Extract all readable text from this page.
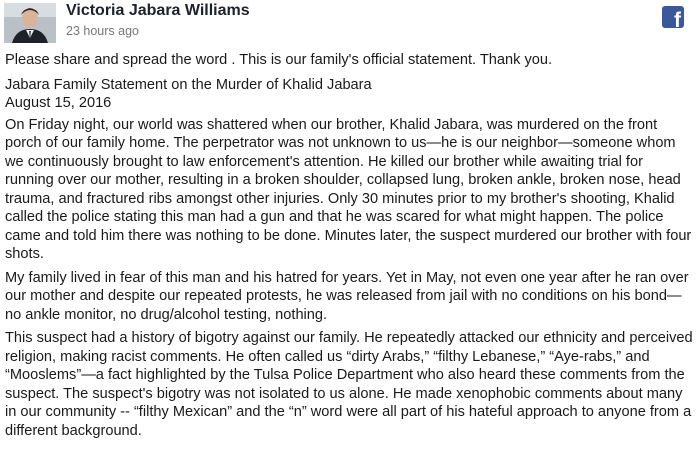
Victoria Jabara Williams
23 hours ago	f

Please share and spread the word . This is our family's official statement. Thank you.

Jabara Family Statement on the Murder of Khalid Jabara

August 15, 2016

On Friday night, our world was shattered when our brother, Khalid Jabara, was murdered on the front porch of our family home. The perpetrator was not unknown to us—he is our neighbor—someone whom we continuously brought to law enforcement's attention. He killed our brother while awaiting trial for running over our mother, resulting in a broken shoulder, collapsed lung, broken ankle, broken nose, head trauma, and fractured ribs amongst other injuries. Only 30 minutes prior to my brother's shooting, Khalid called the police stating this man had a gun and that he was scared for what might happen. The police came and told him there was nothing to be done. Minutes later, the suspect murdered our brother with four shots.

My family lived in fear of this man and his hatred for years. Yet in May, not even one year after he ran over our mother and despite our repeated protests, he was released from jail with no conditions on his bond—no ankle monitor, no drug/alcohol testing, nothing.

This suspect had a history of bigotry against our family. He repeatedly attacked our ethnicity and perceived religion, making racist comments. He often called us “dirty Arabs,” “filthy Lebanese,” “Aye-rabs,” and “Mooslems”—a fact highlighted by the Tulsa Police Department who also heard these comments from the suspect. The suspect's bigotry was not isolated to us alone. He made xenophobic comments about many in our community -- “filthy Mexican” and the “n” word were all part of his hateful approach to anyone from a different background.
